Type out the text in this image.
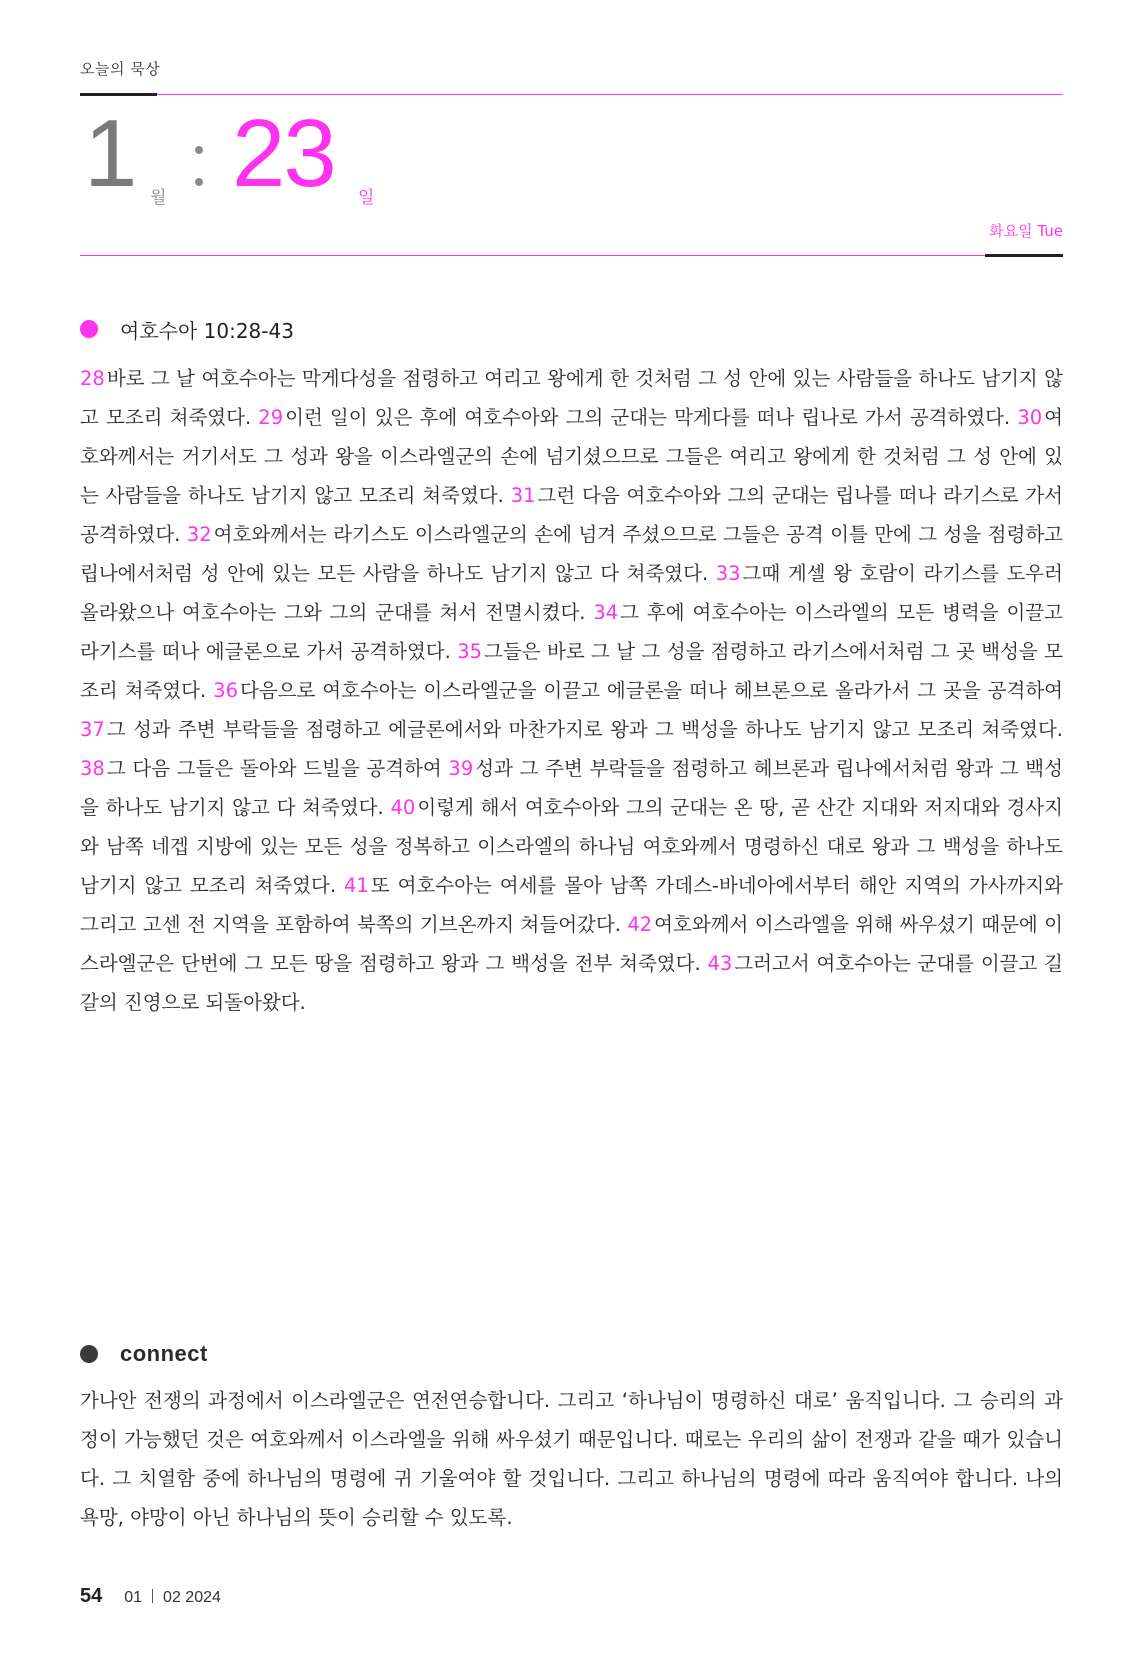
오늘의 묵상
1 월 23 일
화요일 Tue
여호수아 10:28-43
28 바로 그 날 여호수아는 막게다성을 점령하고 여리고 왕에게 한 것처럼 그 성 안에 있는 사람들을 하나도 남기지 않고 모조리 쳐죽였다. 29 이런 일이 있은 후에 여호수아와 그의 군대는 막게다를 떠나 립나로 가서 공격하였다. 30 여호와께서는 거기서도 그 성과 왕을 이스라엘군의 손에 넘기셨으므로 그들은 여리고 왕에게 한 것처럼 그 성 안에 있는 사람들을 하나도 남기지 않고 모조리 쳐죽였다. 31 그런 다음 여호수아와 그의 군대는 립나를 떠나 라기스로 가서 공격하였다. 32 여호와께서는 라기스도 이스라엘군의 손에 넘겨 주셨으므로 그들은 공격 이틀 만에 그 성을 점령하고 립나에서처럼 성 안에 있는 모든 사람을 하나도 남기지 않고 다 쳐죽였다. 33 그때 게셀 왕 호람이 라기스를 도우러 올라왔으나 여호수아는 그와 그의 군대를 쳐서 전멸시켰다. 34 그 후에 여호수아는 이스라엘의 모든 병력을 이끌고 라기스를 떠나 에글론으로 가서 공격하였다. 35 그들은 바로 그 날 그 성을 점령하고 라기스에서처럼 그 곳 백성을 모조리 쳐죽였다. 36 다음으로 여호수아는 이스라엘군을 이끌고 에글론을 떠나 헤브론으로 올라가서 그 곳을 공격하여 37 그 성과 주변 부락들을 점령하고 에글론에서와 마찬가지로 왕과 그 백성을 하나도 남기지 않고 모조리 쳐죽였다. 38 그 다음 그들은 돌아와 드빌을 공격하여 39 성과 그 주변 부락들을 점령하고 헤브론과 립나에서처럼 왕과 그 백성을 하나도 남기지 않고 다 쳐죽였다. 40 이렇게 해서 여호수아와 그의 군대는 온 땅, 곧 산간 지대와 저지대와 경사지와 남쪽 네겝 지방에 있는 모든 성을 정복하고 이스라엘의 하나님 여호와께서 명령하신 대로 왕과 그 백성을 하나도 남기지 않고 모조리 쳐죽였다. 41 또 여호수아는 여세를 몰아 남쪽 가데스-바네아에서부터 해안 지역의 가사까지와 그리고 고센 전 지역을 포함하여 북쪽의 기브온까지 쳐들어갔다. 42 여호와께서 이스라엘을 위해 싸우셨기 때문에 이스라엘군은 단번에 그 모든 땅을 점령하고 왕과 그 백성을 전부 쳐죽였다. 43 그러고서 여호수아는 군대를 이끌고 길갈의 진영으로 되돌아왔다.
connect
가나안 전쟁의 과정에서 이스라엘군은 연전연승합니다. 그리고 ‘하나님이 명령하신 대로’ 움직입니다. 그 승리의 과정이 가능했던 것은 여호와께서 이스라엘을 위해 싸우셨기 때문입니다. 때로는 우리의 삶이 전쟁과 같을 때가 있습니다. 그 치열함 중에 하나님의 명령에 귀 기울여야 할 것입니다. 그리고 하나님의 명령에 따라 움직여야 합니다. 나의 욕망, 야망이 아닌 하나님의 뜻이 승리할 수 있도록.
54 01 02 2024
